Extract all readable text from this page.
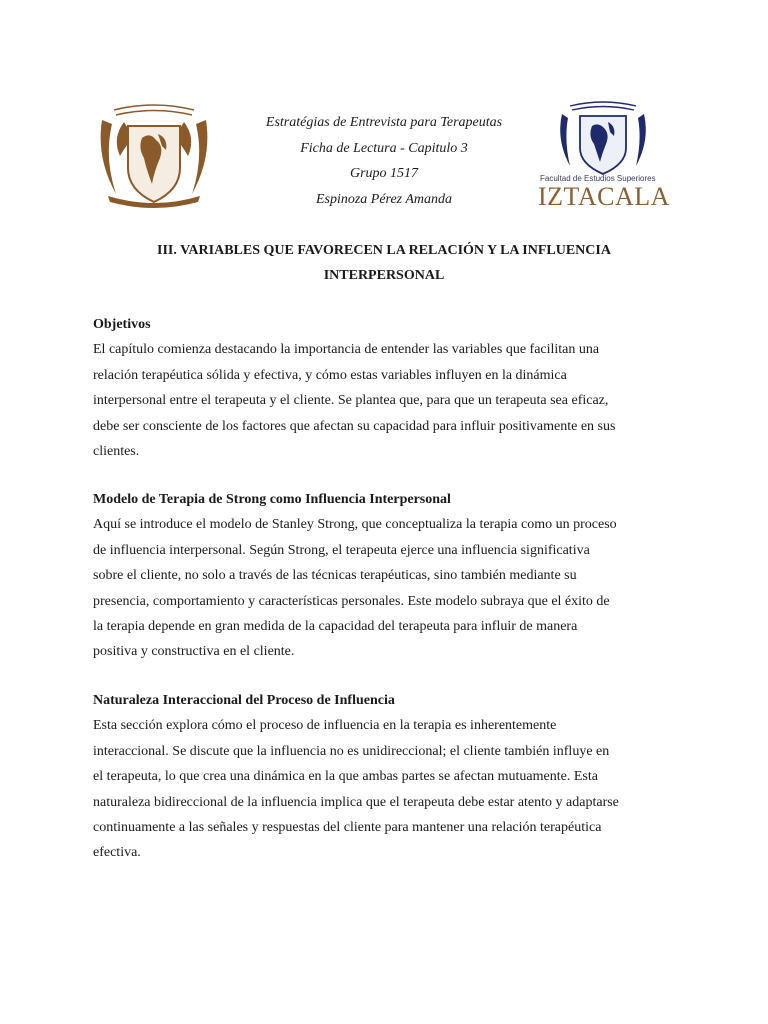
Facultad de Estudios Superiores
IZTACALA
Estratégias de Entrevista para Terapeutas
Ficha de Lectura - Capitulo 3
Grupo 1517
Espinoza Pérez Amanda
III. VARIABLES QUE FAVORECEN LA RELACIÓN Y LA INFLUENCIA
INTERPERSONAL
Objetivos
El capítulo comienza destacando la importancia de entender las variables que facilitan una
relación terapéutica sólida y efectiva, y cómo estas variables influyen en la dinámica
interpersonal entre el terapeuta y el cliente. Se plantea que, para que un terapeuta sea eficaz,
debe ser consciente de los factores que afectan su capacidad para influir positivamente en sus
clientes.
Modelo de Terapia de Strong como Influencia Interpersonal
Aquí se introduce el modelo de Stanley Strong, que conceptualiza la terapia como un proceso
de influencia interpersonal. Según Strong, el terapeuta ejerce una influencia significativa
sobre el cliente, no solo a través de las técnicas terapéuticas, sino también mediante su
presencia, comportamiento y características personales. Este modelo subraya que el éxito de
la terapia depende en gran medida de la capacidad del terapeuta para influir de manera
positiva y constructiva en el cliente.
Naturaleza Interaccional del Proceso de Influencia
Esta sección explora cómo el proceso de influencia en la terapia es inherentemente
interaccional. Se discute que la influencia no es unidireccional; el cliente también influye en
el terapeuta, lo que crea una dinámica en la que ambas partes se afectan mutuamente. Esta
naturaleza bidireccional de la influencia implica que el terapeuta debe estar atento y adaptarse
continuamente a las señales y respuestas del cliente para mantener una relación terapéutica
efectiva.
